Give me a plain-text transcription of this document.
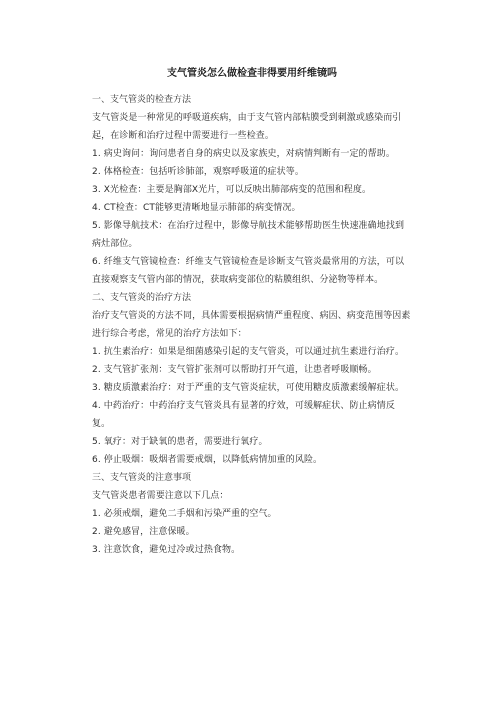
支气管炎怎么做检查非得要用纤维镜吗

一、支气管炎的检查方法

支气管炎是一种常见的呼吸道疾病，由于支气管内部粘膜受到刺激或感染而引起，在诊断和治疗过程中需要进行一些检查。

1. 病史询问：询问患者自身的病史以及家族史，对病情判断有一定的帮助。

2. 体格检查：包括听诊肺部，观察呼吸道的症状等。

3. X光检查：主要是胸部X光片，可以反映出肺部病变的范围和程度。

4. CT检查：CT能够更清晰地显示肺部的病变情况。

5. 影像导航技术：在治疗过程中，影像导航技术能够帮助医生快速准确地找到病灶部位。

6. 纤维支气管镜检查：纤维支气管镜检查是诊断支气管炎最常用的方法，可以直接观察支气管内部的情况，获取病变部位的粘膜组织、分泌物等样本。

二、支气管炎的治疗方法

治疗支气管炎的方法不同，具体需要根据病情严重程度、病因、病变范围等因素进行综合考虑，常见的治疗方法如下：

1. 抗生素治疗：如果是细菌感染引起的支气管炎，可以通过抗生素进行治疗。

2. 支气管扩张剂：支气管扩张剂可以帮助打开气道，让患者呼吸顺畅。

3. 糖皮质激素治疗：对于严重的支气管炎症状，可使用糖皮质激素缓解症状。

4. 中药治疗：中药治疗支气管炎具有显著的疗效，可缓解症状、防止病情反复。

5. 氧疗：对于缺氧的患者，需要进行氧疗。

6. 停止吸烟：吸烟者需要戒烟，以降低病情加重的风险。

三、支气管炎的注意事项

支气管炎患者需要注意以下几点：

1. 必须戒烟，避免二手烟和污染严重的空气。

2. 避免感冒，注意保暖。

3. 注意饮食，避免过冷或过热食物。
